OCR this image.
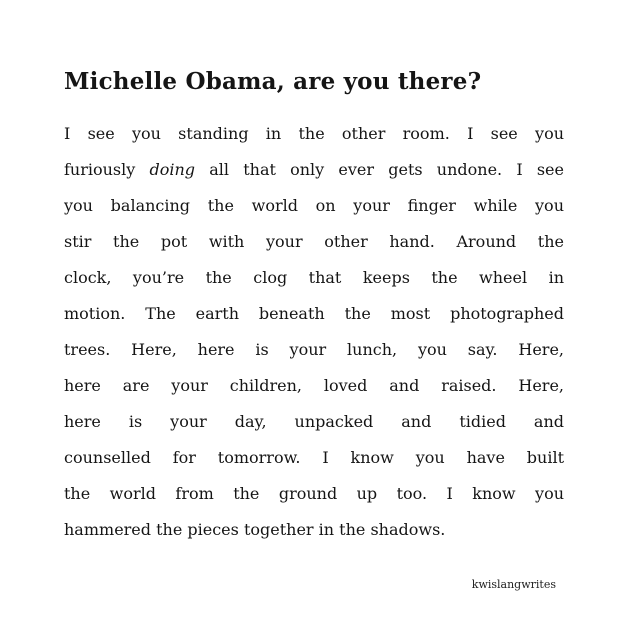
Michelle Obama, are you there?
I see you standing in the other room. I see you
furiously doing all that only ever gets undone. I see
you balancing the world on your finger while you
stir the pot with your other hand. Around the
clock, you’re the clog that keeps the wheel in
motion. The earth beneath the most photographed
trees. Here, here is your lunch, you say. Here,
here are your children, loved and raised. Here,
here is your day, unpacked and tidied and
counselled for tomorrow. I know you have built
the world from the ground up too. I know you
hammered the pieces together in the shadows.
kwislangwrites
